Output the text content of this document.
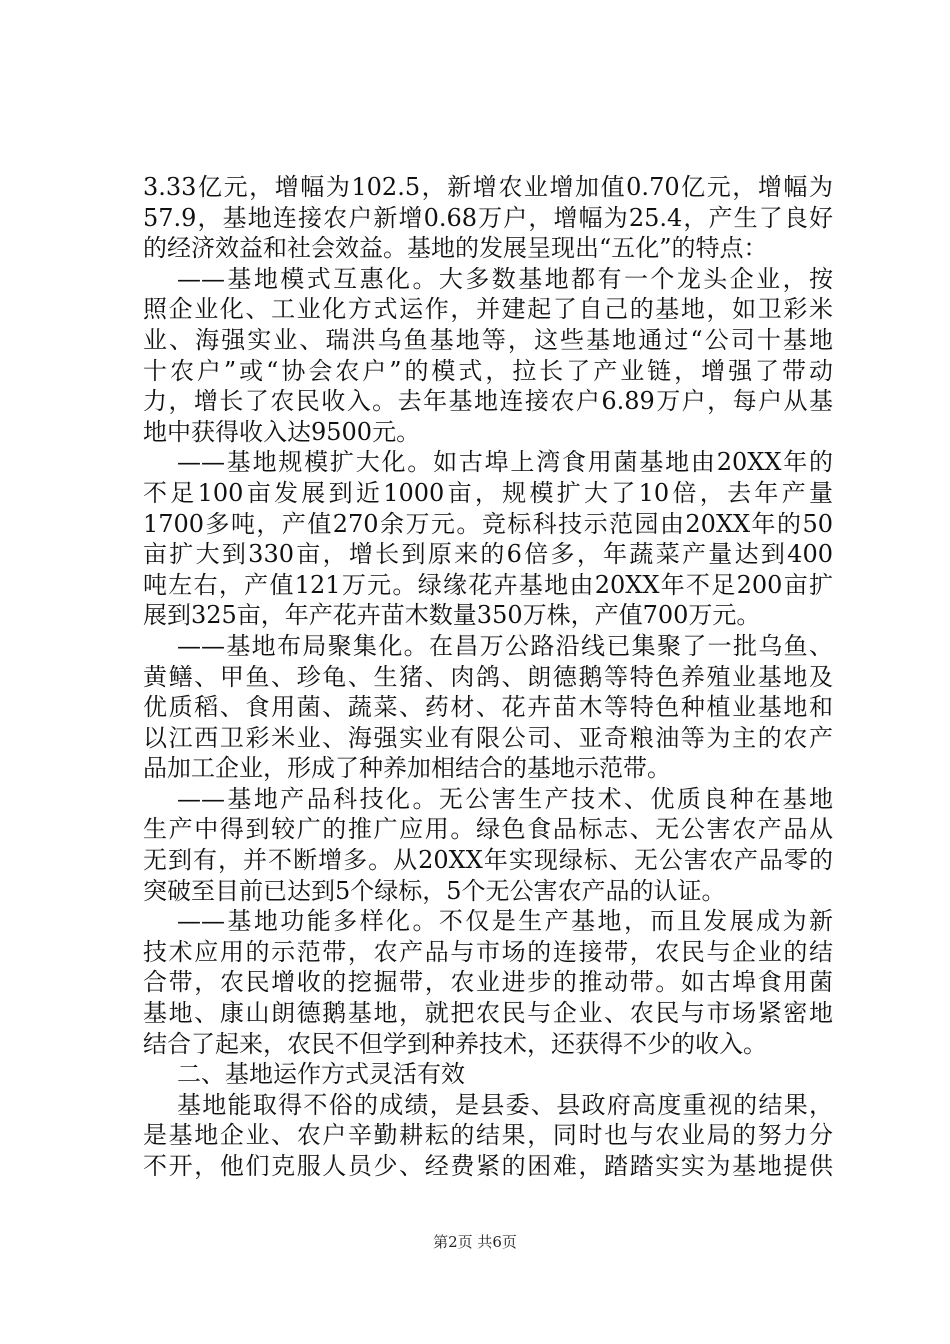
3.33亿元，增幅为102.5，新增农业增加值0.70亿元，增幅为
57.9，基地连接农户新增0.68万户，增幅为25.4，产生了良好
的经济效益和社会效益。基地的发展呈现出“五化”的特点：
——基地模式互惠化。大多数基地都有一个龙头企业，按
照企业化、工业化方式运作，并建起了自己的基地，如卫彩米
业、海强实业、瑞洪乌鱼基地等，这些基地通过“公司十基地
十农户”或“协会农户”的模式，拉长了产业链，增强了带动
力，增长了农民收入。去年基地连接农户6.89万户，每户从基
地中获得收入达9500元。
——基地规模扩大化。如古埠上湾食用菌基地由20XX年的
不足100亩发展到近1000亩，规模扩大了10倍，去年产量
1700多吨，产值270余万元。竞标科技示范园由20XX年的50
亩扩大到330亩，增长到原来的6倍多，年蔬菜产量达到400
吨左右，产值121万元。绿缘花卉基地由20XX年不足200亩扩
展到325亩，年产花卉苗木数量350万株，产值700万元。
——基地布局聚集化。在昌万公路沿线已集聚了一批乌鱼、
黄鳝、甲鱼、珍龟、生猪、肉鸽、朗德鹅等特色养殖业基地及
优质稻、食用菌、蔬菜、药材、花卉苗木等特色种植业基地和
以江西卫彩米业、海强实业有限公司、亚奇粮油等为主的农产
品加工企业，形成了种养加相结合的基地示范带。
——基地产品科技化。无公害生产技术、优质良种在基地
生产中得到较广的推广应用。绿色食品标志、无公害农产品从
无到有，并不断增多。从20XX年实现绿标、无公害农产品零的
突破至目前已达到5个绿标，5个无公害农产品的认证。
——基地功能多样化。不仅是生产基地，而且发展成为新
技术应用的示范带，农产品与市场的连接带，农民与企业的结
合带，农民增收的挖掘带，农业进步的推动带。如古埠食用菌
基地、康山朗德鹅基地，就把农民与企业、农民与市场紧密地
结合了起来，农民不但学到种养技术，还获得不少的收入。
二、基地运作方式灵活有效
基地能取得不俗的成绩，是县委、县政府高度重视的结果，
是基地企业、农户辛勤耕耘的结果，同时也与农业局的努力分
不开，他们克服人员少、经费紧的困难，踏踏实实为基地提供
第2页 共6页
